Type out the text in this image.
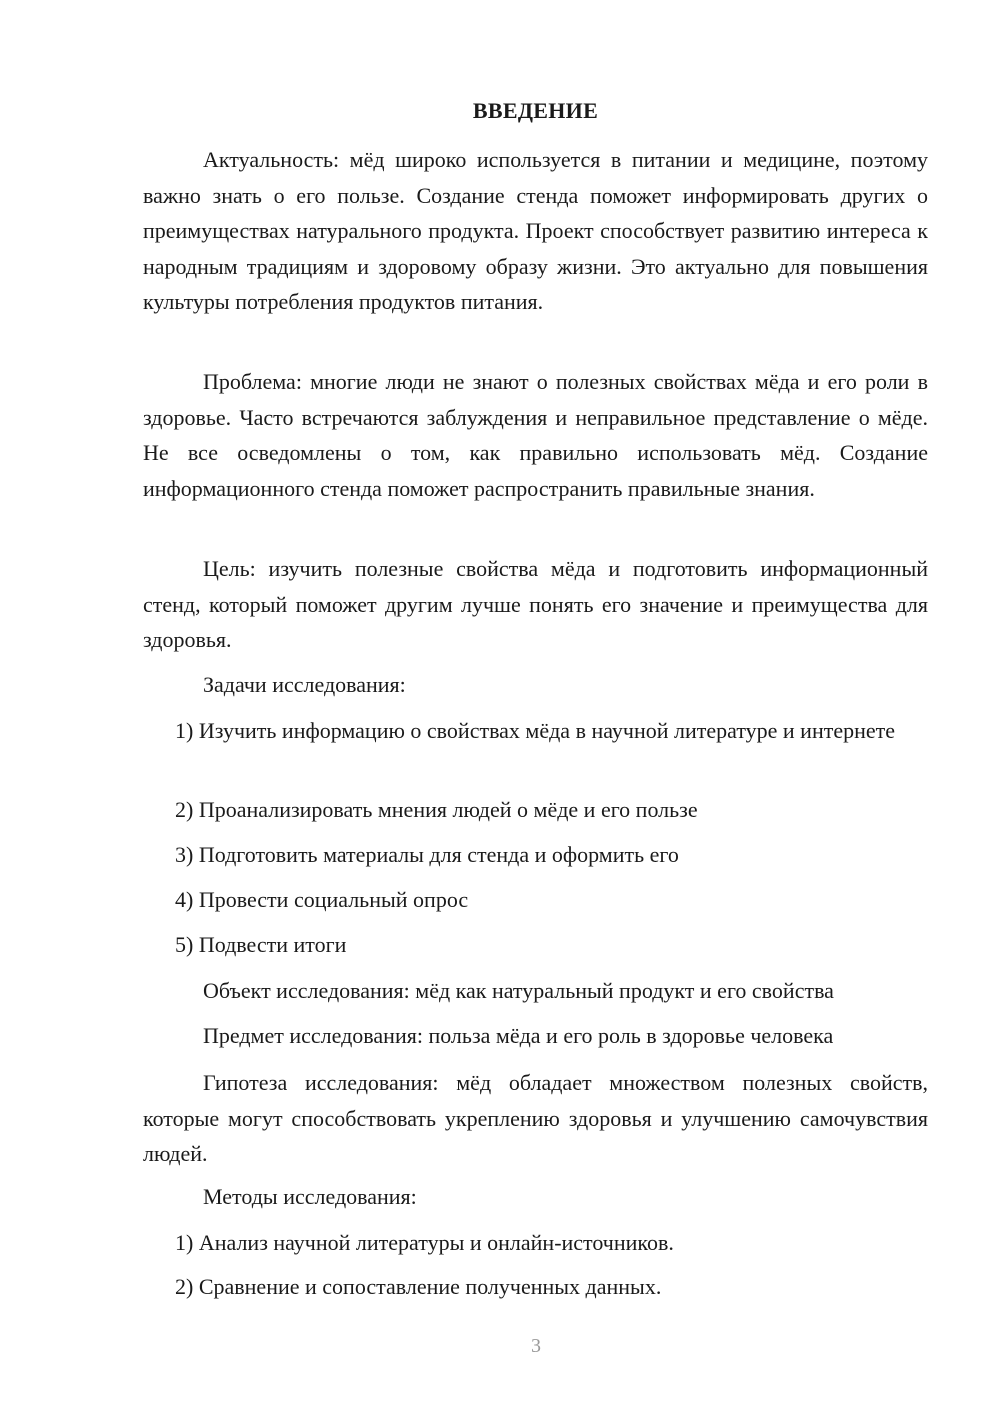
ВВЕДЕНИЕ

Актуальность: мёд широко используется в питании и медицине, поэтому важно знать о его пользе. Создание стенда поможет информировать других о преимуществах натурального продукта. Проект способствует развитию интереса к народным традициям и здоровому образу жизни. Это актуально для повышения культуры потребления продуктов питания.

Проблема: многие люди не знают о полезных свойствах мёда и его роли в здоровье. Часто встречаются заблуждения и неправильное представление о мёде. Не все осведомлены о том, как правильно использовать мёд. Создание информационного стенда поможет распространить правильные знания.

Цель: изучить полезные свойства мёда и подготовить информационный стенд, который поможет другим лучше понять его значение и преимущества для здоровья.

Задачи исследования:

1) Изучить информацию о свойствах мёда в научной литературе и интернете

2) Проанализировать мнения людей о мёде и его пользе
3) Подготовить материалы для стенда и оформить его
4) Провести социальный опрос
5) Подвести итоги
Объект исследования: мёд как натуральный продукт и его свойства
Предмет исследования: польза мёда и его роль в здоровье человека

Гипотеза исследования: мёд обладает множеством полезных свойств, которые могут способствовать укреплению здоровья и улучшению самочувствия людей.

Методы исследования:
1) Анализ научной литературы и онлайн-источников.
2) Сравнение и сопоставление полученных данных.
3
